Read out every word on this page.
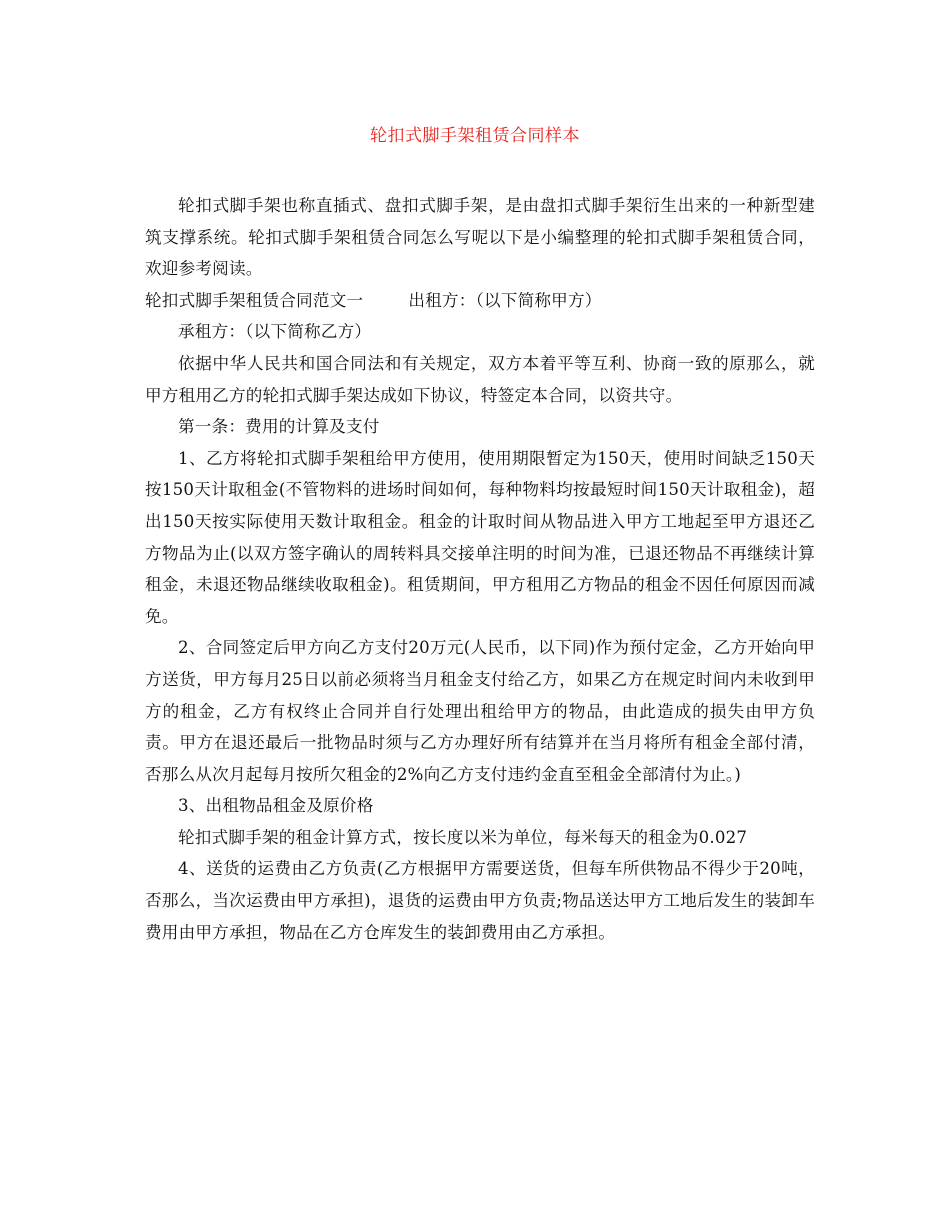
轮扣式脚手架租赁合同样本

轮扣式脚手架也称直插式、盘扣式脚手架，是由盘扣式脚手架衍生出来的一种新型建筑支撑系统。轮扣式脚手架租赁合同怎么写呢以下是小编整理的轮扣式脚手架租赁合同，欢迎参考阅读。

轮扣式脚手架租赁合同范文一	出租方：（以下简称甲方）

承租方：（以下简称乙方）

依据中华人民共和国合同法和有关规定，双方本着平等互利、协商一致的原那么，就甲方租用乙方的轮扣式脚手架达成如下协议，特签定本合同，以资共守。

第一条：费用的计算及支付

1、乙方将轮扣式脚手架租给甲方使用，使用期限暂定为150天，使用时间缺乏150天按150天计取租金(不管物料的进场时间如何，每种物料均按最短时间150天计取租金)，超出150天按实际使用天数计取租金。租金的计取时间从物品进入甲方工地起至甲方退还乙方物品为止(以双方签字确认的周转料具交接单注明的时间为准，已退还物品不再继续计算租金，未退还物品继续收取租金)。租赁期间，甲方租用乙方物品的租金不因任何原因而减免。

2、合同签定后甲方向乙方支付20万元(人民币，以下同)作为预付定金，乙方开始向甲方送货，甲方每月25日以前必须将当月租金支付给乙方，如果乙方在规定时间内未收到甲方的租金，乙方有权终止合同并自行处理出租给甲方的物品，由此造成的损失由甲方负责。甲方在退还最后一批物品时须与乙方办理好所有结算并在当月将所有租金全部付清，否那么从次月起每月按所欠租金的2%向乙方支付违约金直至租金全部清付为止。)

3、出租物品租金及原价格

轮扣式脚手架的租金计算方式，按长度以米为单位，每米每天的租金为0.027

4、送货的运费由乙方负责(乙方根据甲方需要送货，但每车所供物品不得少于20吨，否那么，当次运费由甲方承担)，退货的运费由甲方负责;物品送达甲方工地后发生的装卸车费用由甲方承担，物品在乙方仓库发生的装卸费用由乙方承担。
